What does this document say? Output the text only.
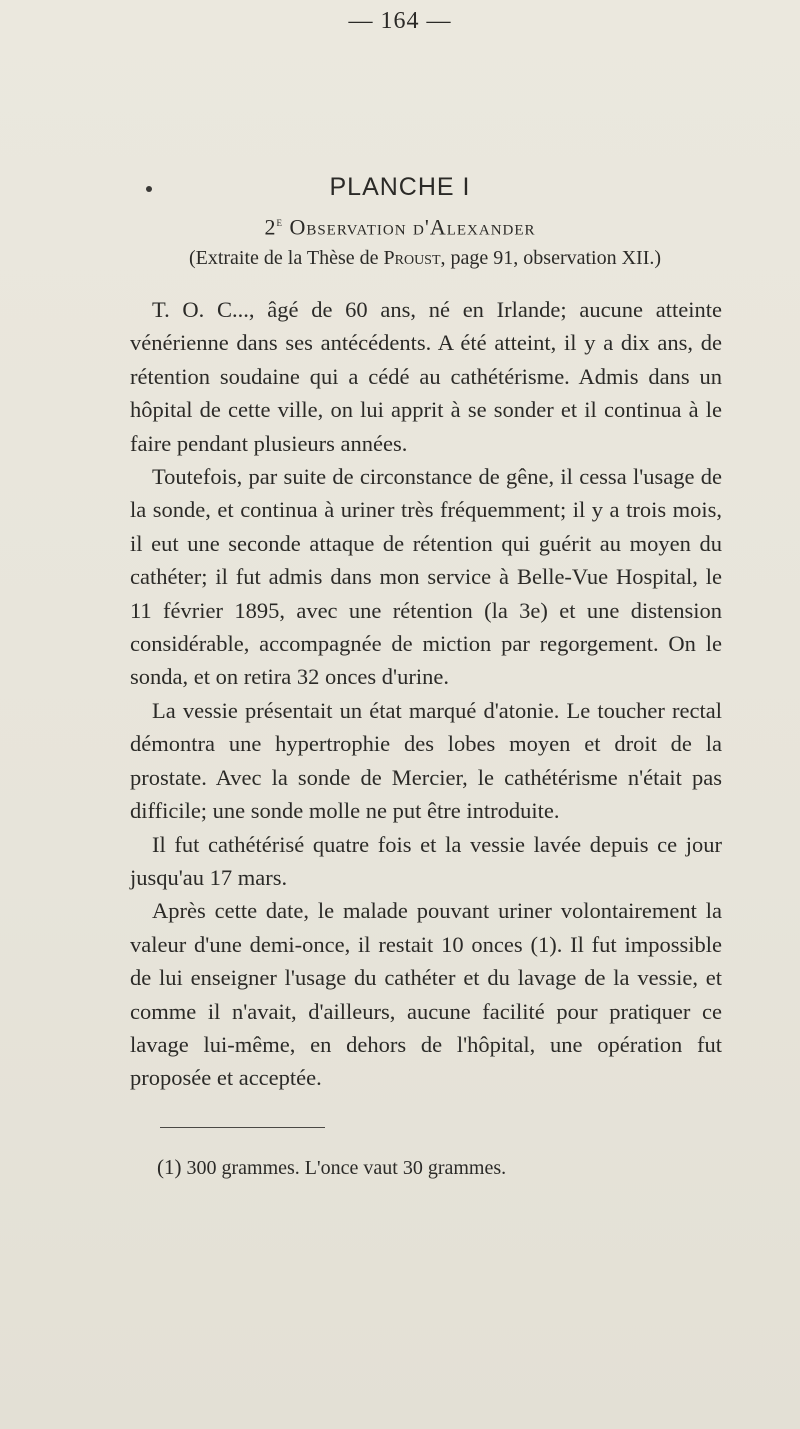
— 164 —
PLANCHE I
2e Observation d'Alexander
(Extraite de la Thèse de Proust, page 91, observation XII.)

T. O. C..., âgé de 60 ans, né en Irlande; aucune atteinte vénérienne dans ses antécédents. A été atteint, il y a dix ans, de rétention soudaine qui a cédé au cathétérisme. Admis dans un hôpital de cette ville, on lui apprit à se sonder et il continua à le faire pendant plusieurs années.

Toutefois, par suite de circonstance de gêne, il cessa l'usage de la sonde, et continua à uriner très fréquemment; il y a trois mois, il eut une seconde attaque de rétention qui guérit au moyen du cathéter; il fut admis dans mon service à Belle-Vue Hospital, le 11 février 1895, avec une rétention (la 3e) et une distension considérable, accompagnée de miction par regorgement. On le sonda, et on retira 32 onces d'urine.

La vessie présentait un état marqué d'atonie. Le toucher rectal démontra une hypertrophie des lobes moyen et droit de la prostate. Avec la sonde de Mercier, le cathétérisme n'était pas difficile; une sonde molle ne put être introduite.

Il fut cathétérisé quatre fois et la vessie lavée depuis ce jour jusqu'au 17 mars.

Après cette date, le malade pouvant uriner volontairement la valeur d'une demi-once, il restait 10 onces (1). Il fut impossible de lui enseigner l'usage du cathéter et du lavage de la vessie, et comme il n'avait, d'ailleurs, aucune facilité pour pratiquer ce lavage lui-même, en dehors de l'hôpital, une opération fut proposée et acceptée.

(1) 300 grammes. L'once vaut 30 grammes.
